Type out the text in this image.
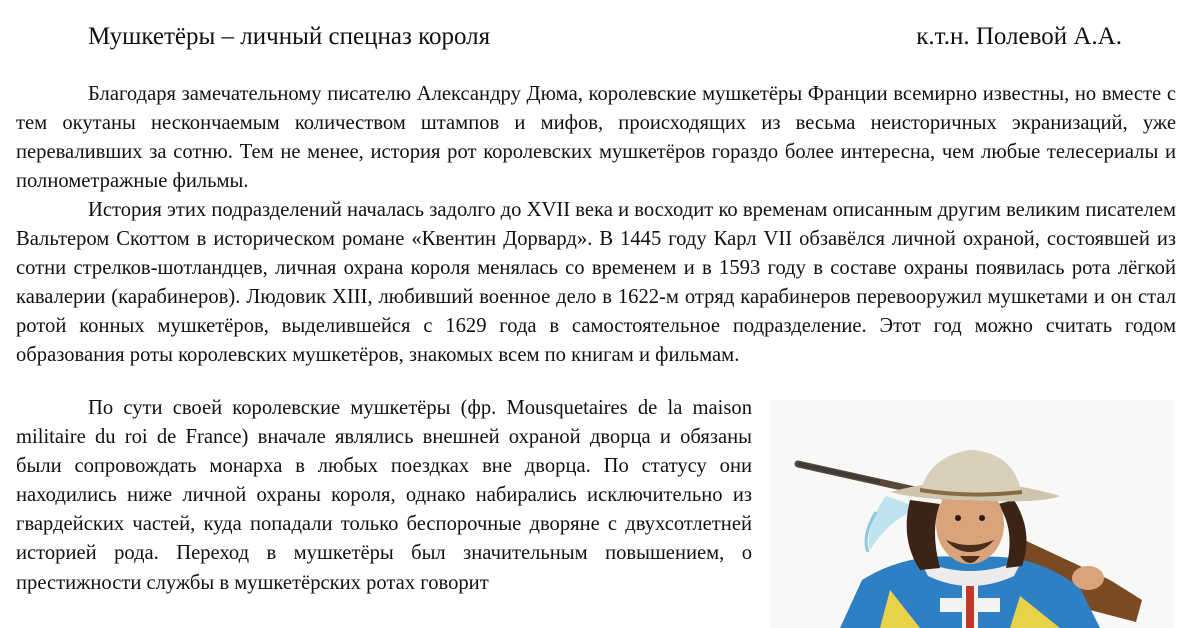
Мушкетёры – личный спецназ короля	к.т.н. Полевой А.А.

Благодаря замечательному писателю Александру Дюма, королевские мушкетёры Франции всемирно известны, но вместе с тем окутаны нескончаемым количеством штампов и мифов, происходящих из весьма неисторичных экранизаций, уже переваливших за сотню. Тем не менее, история рот королевских мушкетёров гораздо более интересна, чем любые телесериалы и полнометражные фильмы.

История этих подразделений началась задолго до XVII века и восходит ко временам описанным другим великим писателем Вальтером Скоттом в историческом романе «Квентин Дорвард». В 1445 году Карл VII обзавёлся личной охраной, состоявшей из сотни стрелков-шотландцев, личная охрана короля менялась со временем и в 1593 году в составе охраны появилась рота лёгкой кавалерии (карабинеров). Людовик XIII, любивший военное дело в 1622-м отряд карабинеров перевооружил мушкетами и он стал ротой конных мушкетёров, выделившейся с 1629 года в самостоятельное подразделение. Этот год можно считать годом образования роты королевских мушкетёров, знакомых всем по книгам и фильмам.

По сути своей королевские мушкетёры (фр. Mousquetaires de la maison militaire du roi de France) вначале являлись внешней охраной дворца и обязаны были сопровождать монарха в любых поездках вне дворца. По статусу они находились ниже личной охраны короля, однако набирались исключительно из гвардейских частей, куда попадали только беспорочные дворяне с двухсотлетней историей рода. Переход в мушкетёры был значительным повышением, о престижности службы в мушкетёрских ротах говорит
